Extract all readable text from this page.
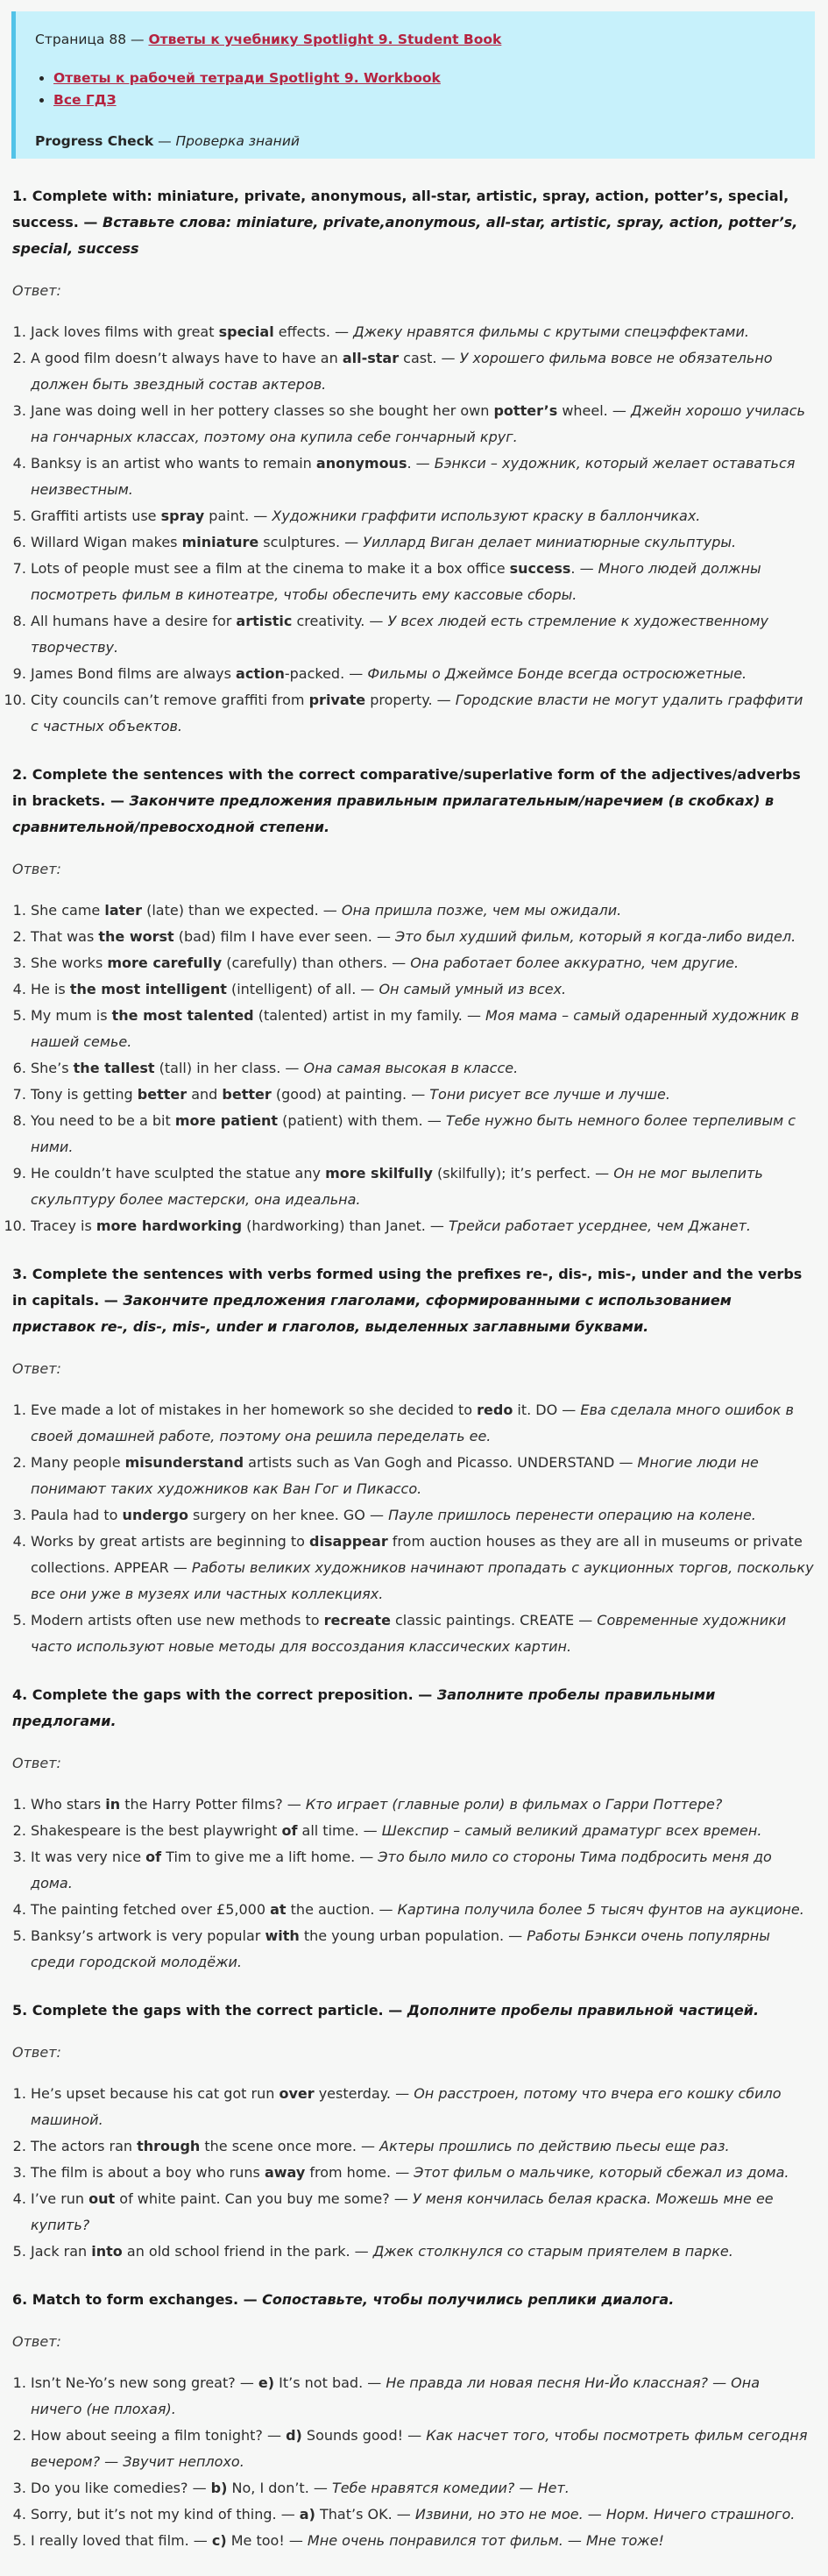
Страница 88 — Ответы к учебнику Spotlight 9. Student Book
• Ответы к рабочей тетради Spotlight 9. Workbook
• Все ГДЗ
Progress Check — Проверка знаний
1. Complete with: miniature, private, anonymous, all-star, artistic, spray, action, potter’s, special, success. — Вставьте слова: miniature, private,anonymous, all-star, artistic, spray, action, potter’s, special, success
Ответ:
1. Jack loves films with great special effects. — Джеку нравятся фильмы с крутыми спецэффектами.
2. A good film doesn’t always have to have an all-star cast. — У хорошего фильма вовсе не обязательно должен быть звездный состав актеров.
3. Jane was doing well in her pottery classes so she bought her own potter’s wheel. — Джейн хорошо училась на гончарных классах, поэтому она купила себе гончарный круг.
4. Banksy is an artist who wants to remain anonymous. — Бэнкси – художник, который желает оставаться неизвестным.
5. Graffiti artists use spray paint. — Художники граффити используют краску в баллончиках.
6. Willard Wigan makes miniature sculptures. — Уиллард Виган делает миниатюрные скульптуры.
7. Lots of people must see a film at the cinema to make it a box office success. — Много людей должны посмотреть фильм в кинотеатре, чтобы обеспечить ему кассовые сборы.
8. All humans have a desire for artistic creativity. — У всех людей есть стремление к художественному творчеству.
9. James Bond films are always action-packed. — Фильмы о Джеймсе Бонде всегда остросюжетные.
10. City councils can’t remove graffiti from private property. — Городские власти не могут удалить граффити с частных объектов.
2. Complete the sentences with the correct comparative/superlative form of the adjectives/adverbs in brackets. — Закончите предложения правильным прилагательным/наречием (в скобках) в сравнительной/превосходной степени.
Ответ:
1. She came later (late) than we expected. — Она пришла позже, чем мы ожидали.
2. That was the worst (bad) film I have ever seen. — Это был худший фильм, который я когда-либо видел.
3. She works more carefully (carefully) than others. — Она работает более аккуратно, чем другие.
4. He is the most intelligent (intelligent) of all. — Он самый умный из всех.
5. My mum is the most talented (talented) artist in my family. — Моя мама – самый одаренный художник в нашей семье.
6. She’s the tallest (tall) in her class. — Она самая высокая в классе.
7. Tony is getting better and better (good) at painting. — Тони рисует все лучше и лучше.
8. You need to be a bit more patient (patient) with them. — Тебе нужно быть немного более терпеливым с ними.
9. He couldn’t have sculpted the statue any more skilfully (skilfully); it’s perfect. — Он не мог вылепить скульптуру более мастерски, она идеальна.
10. Tracey is more hardworking (hardworking) than Janet. — Трейси работает усерднее, чем Джанет.
3. Complete the sentences with verbs formed using the prefixes re-, dis-, mis-, under and the verbs in capitals. — Закончите предложения глаголами, сформированными с использованием приставок re-, dis-, mis-, under и глаголов, выделенных заглавными буквами.
Ответ:
1. Eve made a lot of mistakes in her homework so she decided to redo it. DO — Ева сделала много ошибок в своей домашней работе, поэтому она решила переделать ее.
2. Many people misunderstand artists such as Van Gogh and Picasso. UNDERSTAND — Многие люди не понимают таких художников как Ван Гог и Пикассо.
3. Paula had to undergo surgery on her knee. GO — Пауле пришлось перенести операцию на колене.
4. Works by great artists are beginning to disappear from auction houses as they are all in museums or private collections. APPEAR — Работы великих художников начинают пропадать с аукционных торгов, поскольку все они уже в музеях или частных коллекциях.
5. Modern artists often use new methods to recreate classic paintings. CREATE — Современные художники часто используют новые методы для воссоздания классических картин.
4. Complete the gaps with the correct preposition. — Заполните пробелы правильными предлогами.
Ответ:
1. Who stars in the Harry Potter films? — Кто играет (главные роли) в фильмах о Гарри Поттере?
2. Shakespeare is the best playwright of all time. — Шекспир – самый великий драматург всех времен.
3. It was very nice of Tim to give me a lift home. — Это было мило со стороны Тима подбросить меня до дома.
4. The painting fetched over £5,000 at the auction. — Картина получила более 5 тысяч фунтов на аукционе.
5. Banksy’s artwork is very popular with the young urban population. — Работы Бэнкси очень популярны среди городской молодёжи.
5. Complete the gaps with the correct particle. — Дополните пробелы правильной частицей.
Ответ:
1. He’s upset because his cat got run over yesterday. — Он расстроен, потому что вчера его кошку сбило машиной.
2. The actors ran through the scene once more. — Актеры прошлись по действию пьесы еще раз.
3. The film is about a boy who runs away from home. — Этот фильм о мальчике, который сбежал из дома.
4. I’ve run out of white paint. Can you buy me some? — У меня кончилась белая краска. Можешь мне ее купить?
5. Jack ran into an old school friend in the park. — Джек столкнулся со старым приятелем в парке.
6. Match to form exchanges. — Сопоставьте, чтобы получились реплики диалога.
Ответ:
1. Isn’t Ne-Yo’s new song great? — e) It’s not bad. — Не правда ли новая песня Ни-Йо классная? — Она ничего (не плохая).
2. How about seeing a film tonight? — d) Sounds good! — Как насчет того, чтобы посмотреть фильм сегодня вечером? — Звучит неплохо.
3. Do you like comedies? — b) No, I don’t. — Тебе нравятся комедии? — Нет.
4. Sorry, but it’s not my kind of thing. — a) That’s OK. — Извини, но это не мое. — Норм. Ничего страшного.
5. I really loved that film. — c) Me too! — Мне очень понравился тот фильм. — Мне тоже!
